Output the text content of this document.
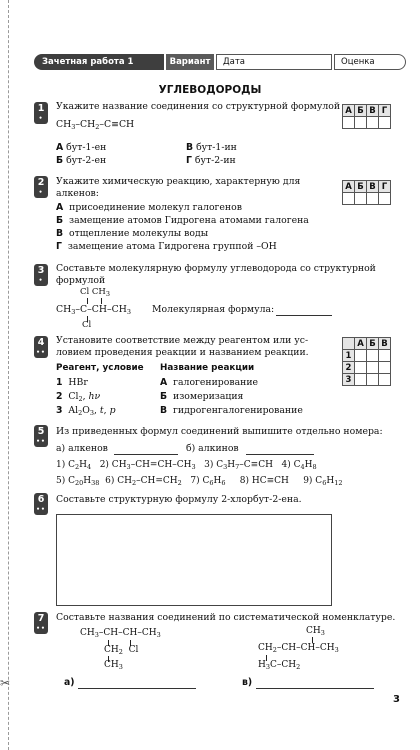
✂
Зачетная работа 1	Вариант 2
Дата	Оценка
УГЛЕВОДОРОДЫ
1
•
Укажите название соединения со структурной формулой
$CH_3-CH_2-C\equiv CH$
А	Б	В	Г

А бут-1-ен	В бут-1-ин
Б бут-2-ен	Г бут-2-ин
2
•
Укажите химическую реакцию, характерную для
алкенов:
А	Б	В	Г

А присоединение молекул галогенов
Б замещение атомов Гидрогена атомами галогена
В отщепление молекулы воды
Г замещение атома Гидрогена группой –OH
3
•
Составьте молекулярную формулу углеводорода со структурной
формулой
Cl $CH_3$
$CH_3-C-CH-CH_3$
Cl
Молекулярная формула:
4
••
Установите соответствие между реагентом или ус-
ловием проведения реакции и названием реакции.
	А	Б	В
1			
2			
3			
Реагент, условие Название реакции
1  HBr
2  $Cl_2$, hν
3  $Al_2O_3$, t, p
А галогенирование
Б изомеризация
В гидрогенгалогенирование
5
••
Из приведенных формул соединений выпишите отдельно номера:
а) алкенов	б) алкинов
1) $C_2H_4$   2) $CH_3-CH=CH-CH_3$   3) $C_3H_7-C\equiv CH$   4) $C_4H_8$
5) $C_{20}H_{38}$  6) $CH_2-CH=CH_2$   7) $C_6H_6$     8) HC≡CH     9) $C_6H_{12}$
6
••
Составьте структурную формулу 2-хлорбут-2-ена.
7
••
Составьте названия соединений по систематической номенклатуре.
$CH_3-CH-CH-CH_3$
$CH_2$  Cl
$CH_3$
$CH_3$
$CH_2-CH-CH-CH_3$
$H_3C-CH_2$
а)	в)
3
